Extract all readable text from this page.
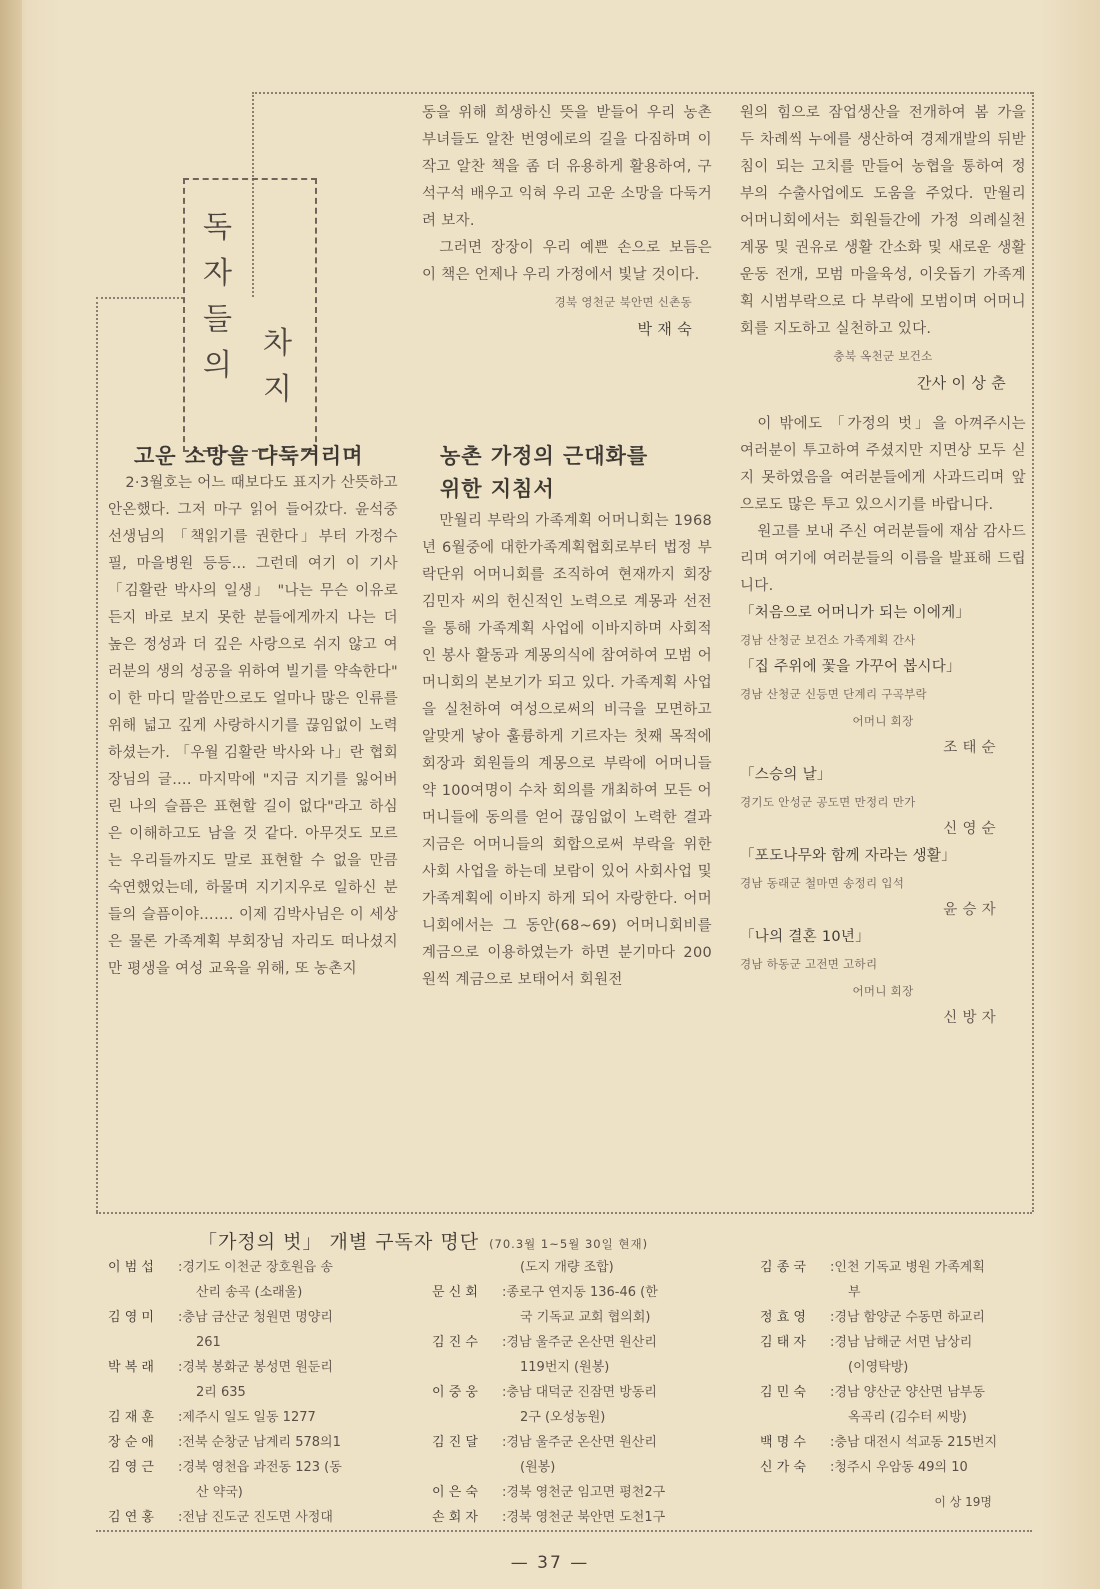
독
자
들
의
차
지
고운 소망을 다둑거리며

2·3월호는 어느 때보다도 표지가 산뜻하고 안온했다. 그저 마구 읽어 들어갔다. 윤석중 선생님의 「책읽기를 권한다」부터 가정수필, 마을병원 등등… 그런데 여기 이 기사 「김활란 박사의 일생」 "나는 무슨 이유로든지 바로 보지 못한 분들에게까지 나는 더 높은 정성과 더 깊은 사랑으로 쉬지 않고 여러분의 생의 성공을 위하여 빌기를 약속한다" 이 한 마디 말씀만으로도 얼마나 많은 인류를 위해 넓고 깊게 사랑하시기를 끊임없이 노력하셨는가. 「우월 김활란 박사와 나」란 협회장님의 글…. 마지막에 "지금 지기를 잃어버린 나의 슬픔은 표현할 길이 없다"라고 하심은 이해하고도 남을 것 같다. 아무것도 모르는 우리들까지도 말로 표현할 수 없을 만큼 숙연했었는데, 하물며 지기지우로 일하신 분들의 슬픔이야……. 이제 김박사님은 이 세상은 물론 가족계획 부회장님 자리도 떠나셨지만 평생을 여성 교육을 위해, 또 농촌지

동을 위해 희생하신 뜻을 받들어 우리 농촌 부녀들도 알찬 번영에로의 길을 다짐하며 이 작고 알찬 책을 좀 더 유용하게 활용하여, 구석구석 배우고 익혀 우리 고운 소망을 다둑거려 보자.

그러면 장장이 우리 예쁜 손으로 보듬은 이 책은 언제나 우리 가정에서 빛날 것이다.

경북 영천군 북안면 신촌동

박 재 숙

농촌 가정의 근대화를
위한 지침서

만월리 부락의 가족계획 어머니회는 1968년 6월중에 대한가족계획협회로부터 법정 부락단위 어머니회를 조직하여 현재까지 회장 김민자 씨의 헌신적인 노력으로 계몽과 선전을 통해 가족계획 사업에 이바지하며 사회적인 봉사 활동과 계몽의식에 참여하여 모범 어머니회의 본보기가 되고 있다. 가족계획 사업을 실천하여 여성으로써의 비극을 모면하고 알맞게 낳아 훌륭하게 기르자는 첫째 목적에 회장과 회원들의 계몽으로 부락에 어머니들 약 100여명이 수차 회의를 개최하여 모든 어머니들에 동의를 얻어 끊임없이 노력한 결과 지금은 어머니들의 회합으로써 부락을 위한 사회 사업을 하는데 보람이 있어 사회사업 및 가족계획에 이바지 하게 되어 자랑한다. 어머니회에서는 그 동안(68~69) 어머니회비를 계금으로 이용하였는가 하면 분기마다 200원씩 계금으로 보태어서 회원전

원의 힘으로 잠업생산을 전개하여 봄 가을 두 차례씩 누에를 생산하여 경제개발의 뒤받침이 되는 고치를 만들어 농협을 통하여 정부의 수출사업에도 도움을 주었다. 만월리 어머니회에서는 회원들간에 가정 의례실천 계몽 및 권유로 생활 간소화 및 새로운 생활운동 전개, 모범 마을육성, 이웃돕기 가족계획 시범부락으로 다 부락에 모범이며 어머니회를 지도하고 실천하고 있다.

충북 옥천군 보건소

간사 이 상 춘

이 밖에도 「가정의 벗」을 아껴주시는 여러분이 투고하여 주셨지만 지면상 모두 싣지 못하였음을 여러분들에게 사과드리며 앞으로도 많은 투고 있으시기를 바랍니다.

원고를 보내 주신 여러분들에 재삼 감사드리며 여기에 여러분들의 이름을 발표해 드립니다.

「처음으로 어머니가 되는 이에게」

경남 산청군 보건소 가족계획 간사

「집 주위에 꽃을 가꾸어 봅시다」

경남 산청군 신등면 단계리 구곡부락

어머니 회장

조 태 순

「스승의 날」

경기도 안성군 공도면 만정리 만가

신 영 순

「포도나무와 함께 자라는 생활」

경남 동래군 철마면 송정리 입석

윤 승 자

「나의 결혼 10년」

경남 하동군 고전면 고하리

어머니 회장

신 방 자

「가정의 벗」 개별 구독자 명단 (70.3월 1~5월 30일 현재)
이 범 섭	:경기도 이천군 장호원읍 송
산리 송곡 (소래울)
김 영 미	:충남 금산군 청원면 명양리
261
박 복 래	:경북 봉화군 봉성면 원둔리
2리 635
김 재 훈	:제주시 일도 일동 1277
장 순 애	:전북 순창군 남계리 578의1
김 영 근	:경북 영천읍 과전동 123 (동
산 약국)
김 연 홍	:전남 진도군 진도면 사정대
(도지 개량 조합)
문 신 회	:종로구 연지동 136-46 (한
국 기독교 교회 협의회)
김 진 수	:경남 울주군 온산면 원산리
119번지 (원봉)
이 중 웅	:충남 대덕군 진잠면 방동리
2구 (오성농원)
김 진 달	:경남 울주군 온산면 원산리
(원봉)
이 은 숙	:경북 영천군 임고면 평천2구
손 회 자	:경북 영천군 북안면 도천1구
김 종 국	:인천 기독교 병원 가족계획
부
정 효 영	:경남 함양군 수동면 하교리
김 태 자	:경남 남해군 서면 남상리
(이영탁방)
김 민 숙	:경남 양산군 양산면 남부동
옥곡리 (김수터 씨방)
백 명 수	:충남 대전시 석교동 215번지
신 가 숙	:청주시 우암동 49의 10
이 상 19명
— 37 —
